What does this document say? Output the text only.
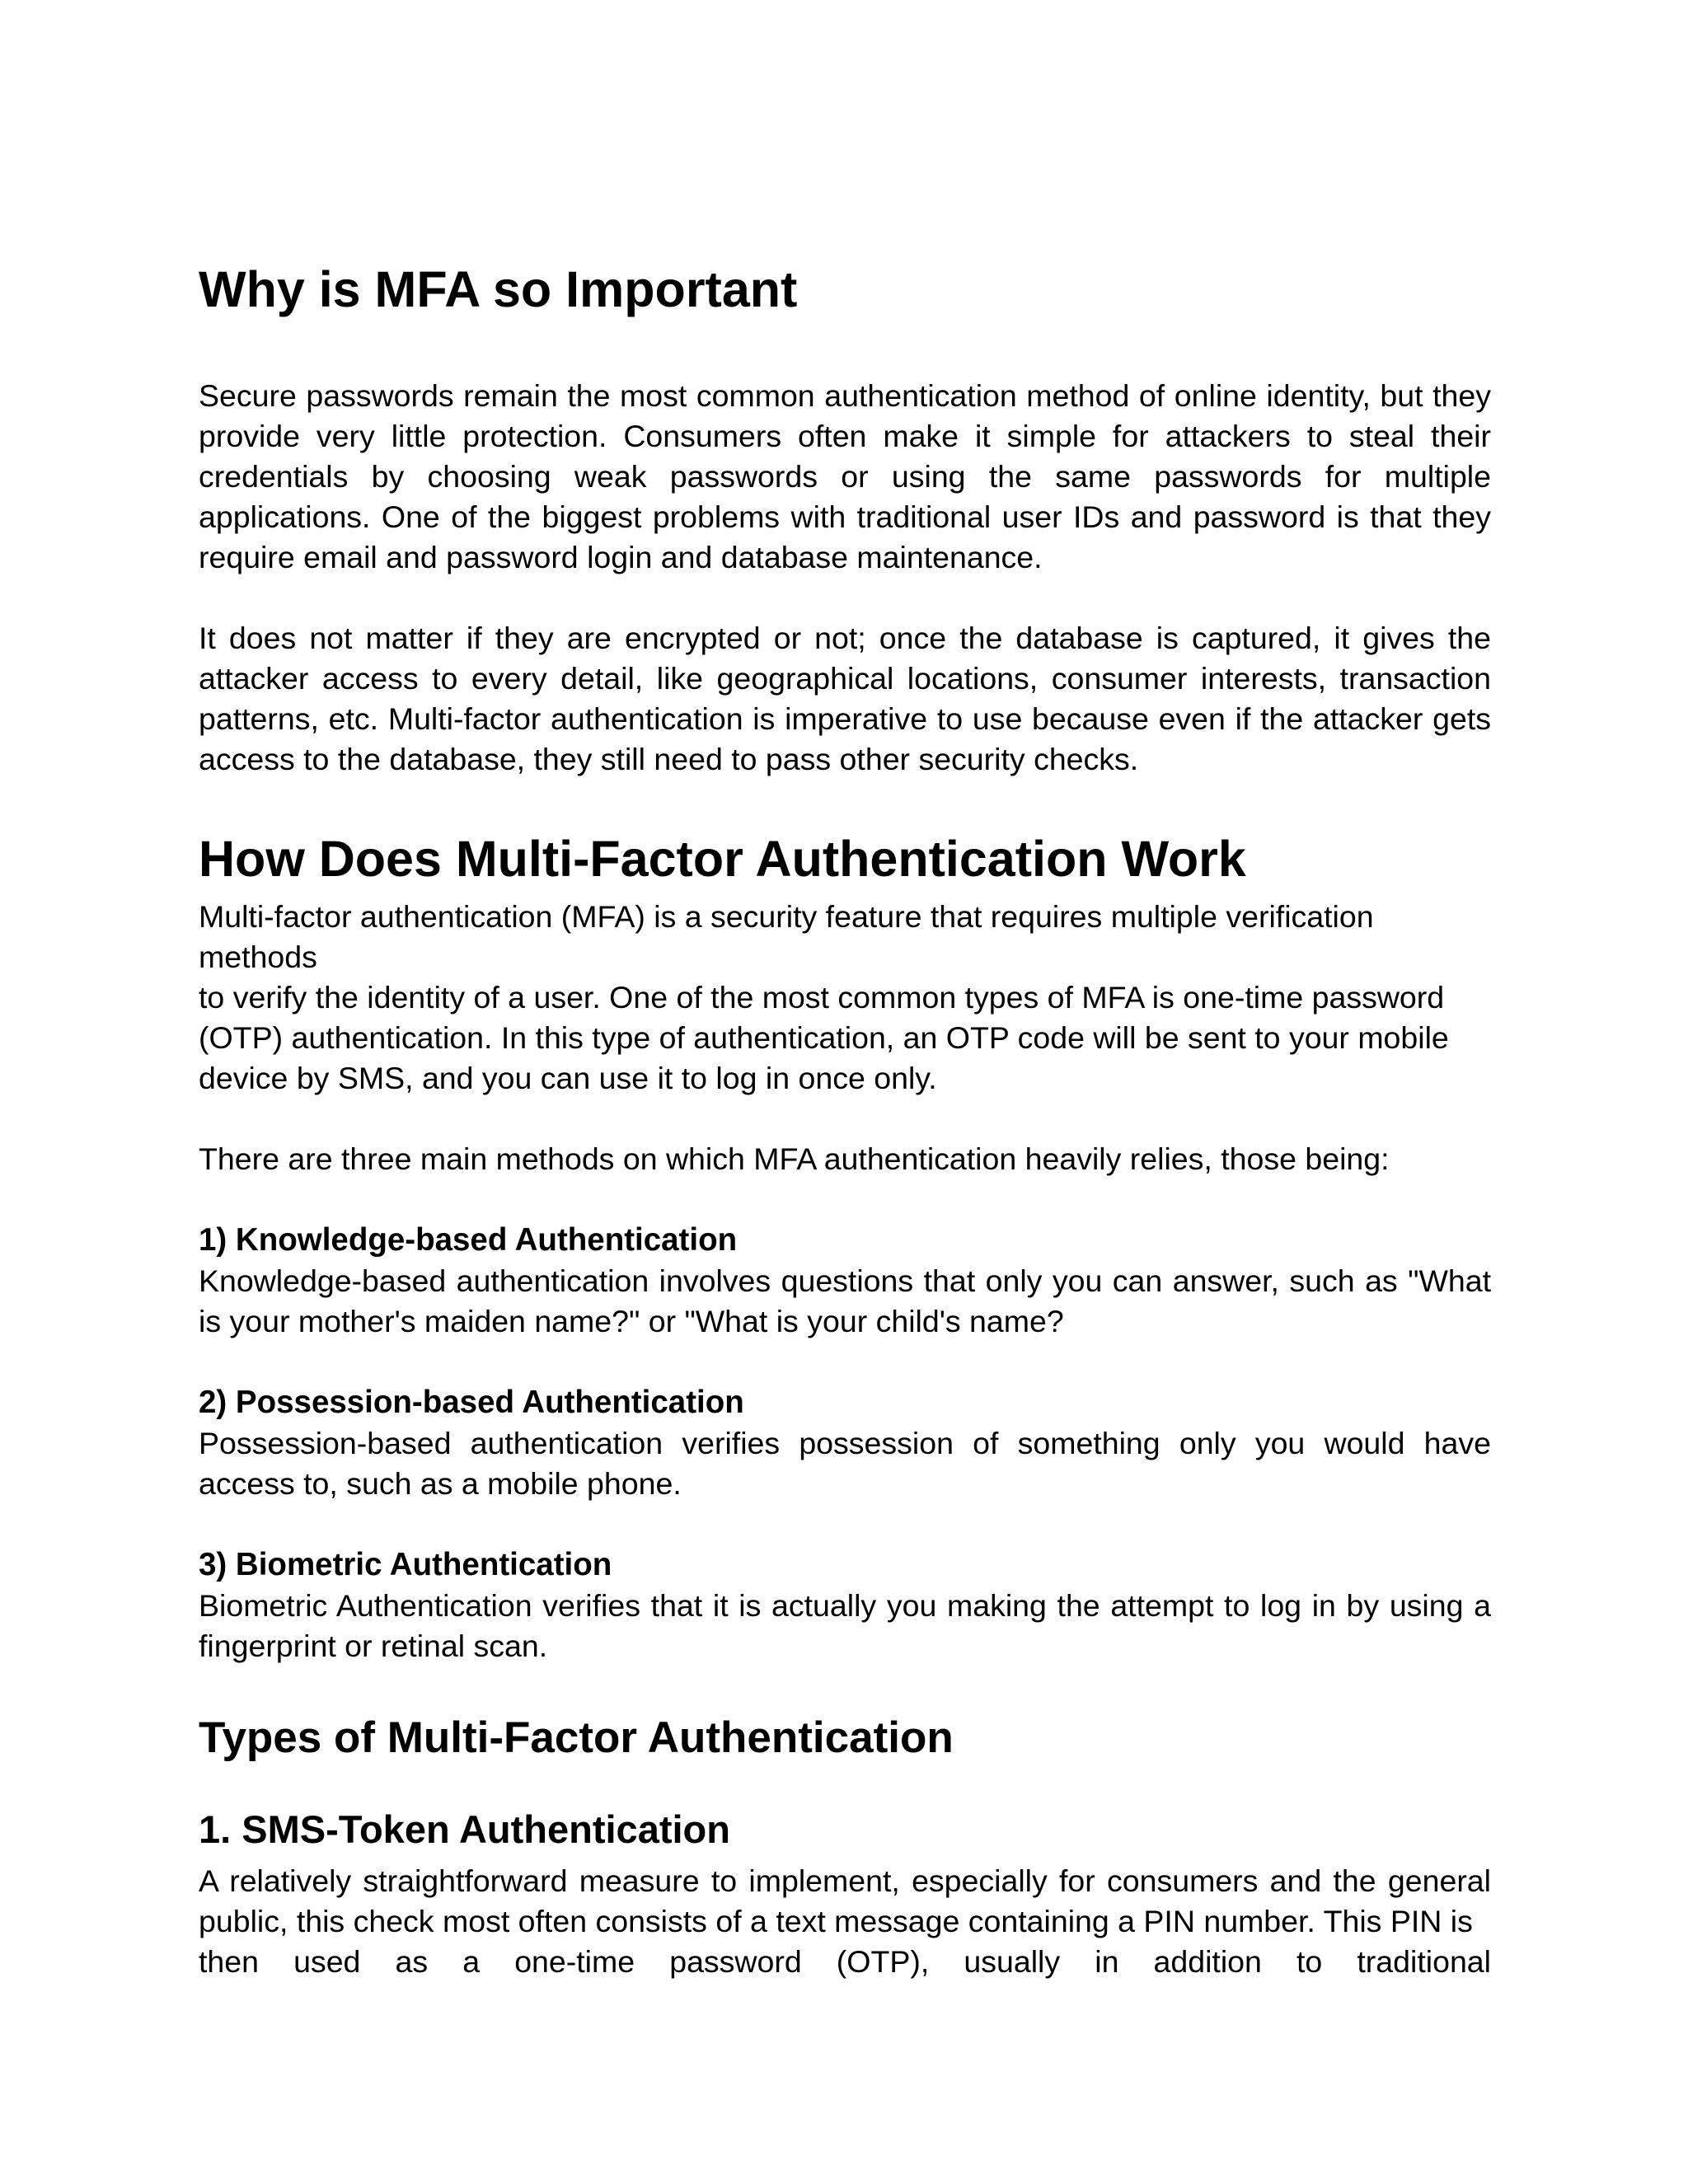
Why is MFA so Important
Secure passwords remain the most common authentication method of online identity, but they provide very little protection. Consumers often make it simple for attackers to steal their credentials by choosing weak passwords or using the same passwords for multiple applications. One of the biggest problems with traditional user IDs and password is that they require email and password login and database maintenance.
It does not matter if they are encrypted or not; once the database is captured, it gives the attacker access to every detail, like geographical locations, consumer interests, transaction patterns, etc. Multi-factor authentication is imperative to use because even if the attacker gets access to the database, they still need to pass other security checks.
How Does Multi-Factor Authentication Work
Multi-factor authentication (MFA) is a security feature that requires multiple verification methods
to verify the identity of a user. One of the most common types of MFA is one-time password
(OTP) authentication. In this type of authentication, an OTP code will be sent to your mobile
device by SMS, and you can use it to log in once only.
There are three main methods on which MFA authentication heavily relies, those being:
1) Knowledge-based Authentication
Knowledge-based authentication involves questions that only you can answer, such as "What is your mother's maiden name?" or "What is your child's name?
2) Possession-based Authentication
Possession-based authentication verifies possession of something only you would have access to, such as a mobile phone.
3) Biometric Authentication
Biometric Authentication verifies that it is actually you making the attempt to log in by using a fingerprint or retinal scan.
Types of Multi-Factor Authentication
1. SMS-Token Authentication
A relatively straightforward measure to implement, especially for consumers and the general public, this check most often consists of a text message containing a PIN number. This PIN is
then used as a one-time password (OTP), usually in addition to traditional
